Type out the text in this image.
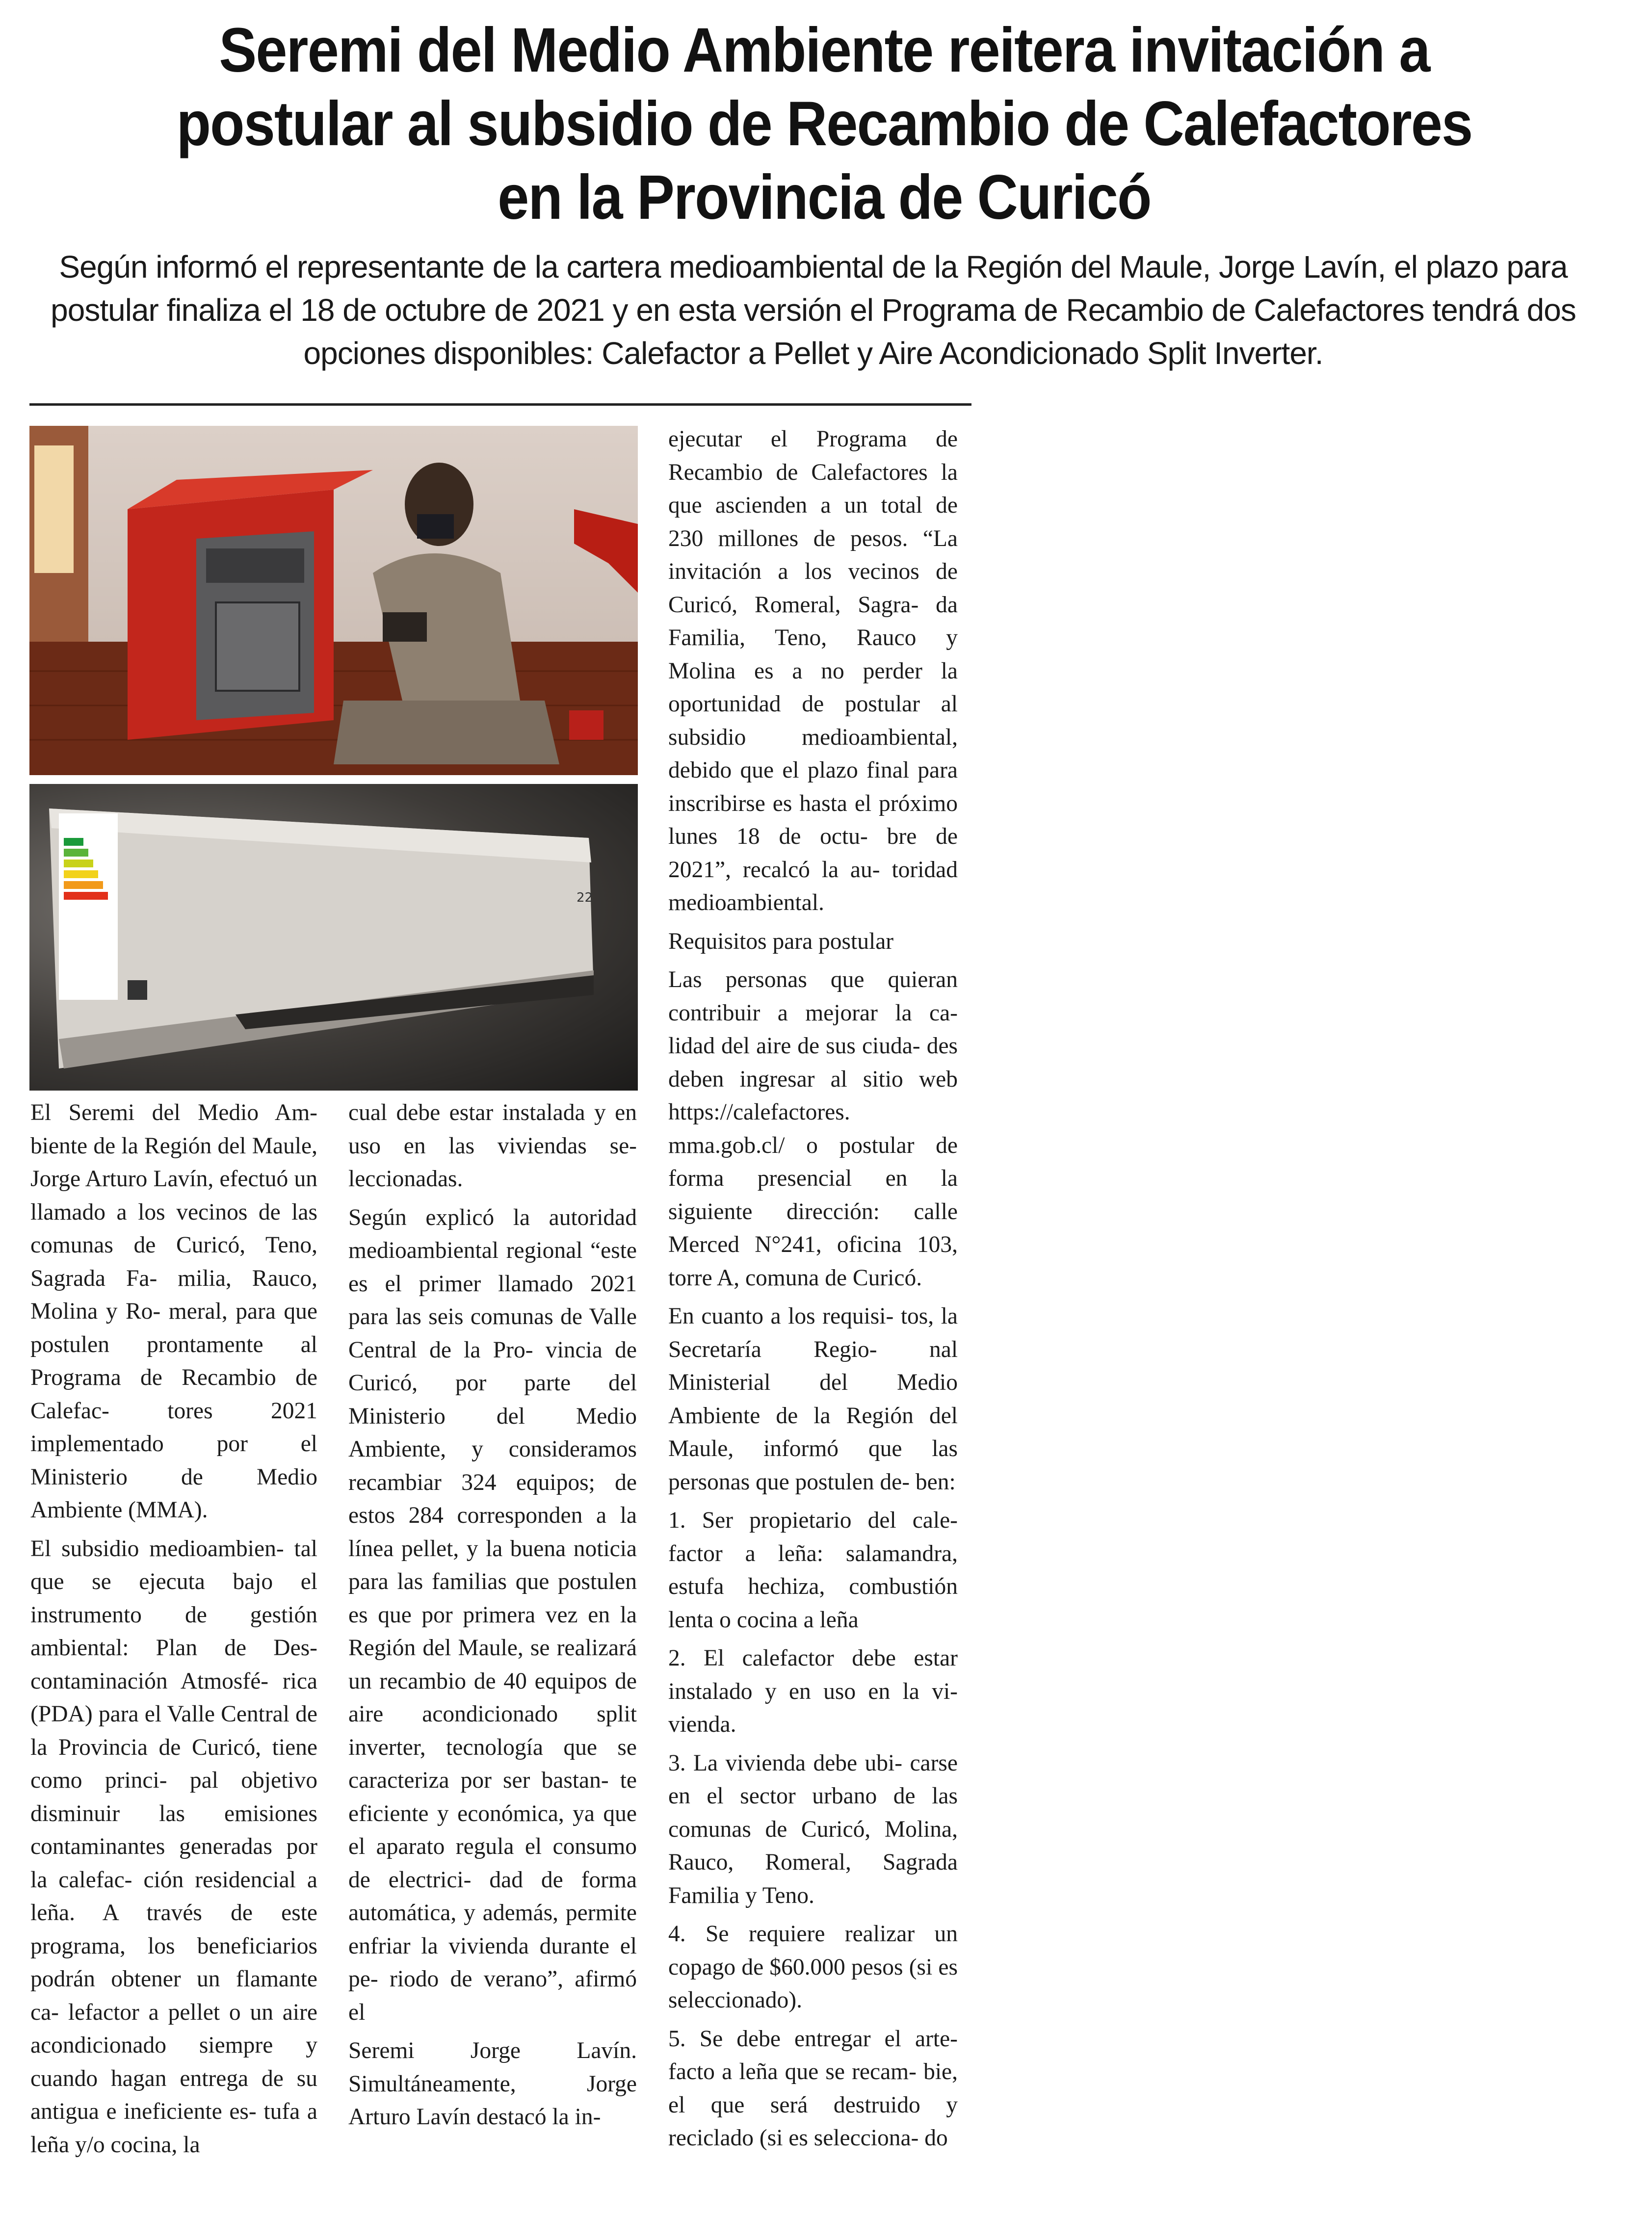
Seremi del Medio Ambiente reitera invitación a
postular al subsidio de Recambio de Calefactores
en la Provincia de Curicó

Según informó el representante de la cartera medioambiental de la Región del Maule, Jorge Lavín, el plazo para
postular finaliza el 18 de octubre de 2021 y en esta versión el Programa de Recambio de Calefactores tendrá dos
opciones disponibles: Calefactor a Pellet y Aire Acondicionado Split Inverter.

22

El Seremi del Medio Am- biente de la Región del Maule, Jorge Arturo Lavín, efectuó un llamado a los vecinos de las comunas de Curicó, Teno, Sagrada Fa- milia, Rauco, Molina y Ro- meral, para que postulen prontamente al Programa de Recambio de Calefac- tores 2021 implementado por el Ministerio de Medio Ambiente (MMA).

El subsidio medioambien- tal que se ejecuta bajo el instrumento de gestión ambiental: Plan de Des- contaminación Atmosfé- rica (PDA) para el Valle Central de la Provincia de Curicó, tiene como princi- pal objetivo disminuir las emisiones contaminantes generadas por la calefac- ción residencial a leña. A través de este programa, los beneficiarios podrán obtener un flamante ca- lefactor a pellet o un aire acondicionado siempre y cuando hagan entrega de su antigua e ineficiente es- tufa a leña y/o cocina, la

cual debe estar instalada y en uso en las viviendas se- leccionadas.

Según explicó la autoridad medioambiental regional “este es el primer llamado 2021 para las seis comunas de Valle Central de la Pro- vincia de Curicó, por parte del Ministerio del Medio Ambiente, y consideramos recambiar 324 equipos; de estos 284 corresponden a la línea pellet, y la buena noticia para las familias que postulen es que por primera vez en la Región del Maule, se realizará un recambio de 40 equipos de aire acondicionado split inverter, tecnología que se caracteriza por ser bastan- te eficiente y económica, ya que el aparato regula el consumo de electrici- dad de forma automática, y además, permite enfriar la vivienda durante el pe- riodo de verano”, afirmó el

Seremi Jorge Lavín. Simultáneamente, Jorge Arturo Lavín destacó la in-

ejecutar el Programa de Recambio de Calefactores la que ascienden a un total de 230 millones de pesos. “La invitación a los vecinos de Curicó, Romeral, Sagra- da Familia, Teno, Rauco y Molina es a no perder la oportunidad de postular al subsidio medioambiental, debido que el plazo final para inscribirse es hasta el próximo lunes 18 de octu- bre de 2021”, recalcó la au- toridad medioambiental.

Requisitos para postular

Las personas que quieran contribuir a mejorar la ca- lidad del aire de sus ciuda- des deben ingresar al sitio web https://calefactores. mma.gob.cl/ o postular de forma presencial en la siguiente dirección: calle Merced N°241, oficina 103, torre A, comuna de Curicó.

En cuanto a los requisi- tos, la Secretaría Regio- nal Ministerial del Medio Ambiente de la Región del Maule, informó que las personas que postulen de- ben:

1. Ser propietario del cale- factor a leña: salamandra, estufa hechiza, combustión lenta o cocina a leña

2. El calefactor debe estar instalado y en uso en la vi- vienda.

3. La vivienda debe ubi- carse en el sector urbano de las comunas de Curicó, Molina, Rauco, Romeral, Sagrada Familia y Teno.

4. Se requiere realizar un copago de $60.000 pesos (si es seleccionado).

5. Se debe entregar el arte- facto a leña que se recam- bie, el que será destruido y reciclado (si es selecciona- do
